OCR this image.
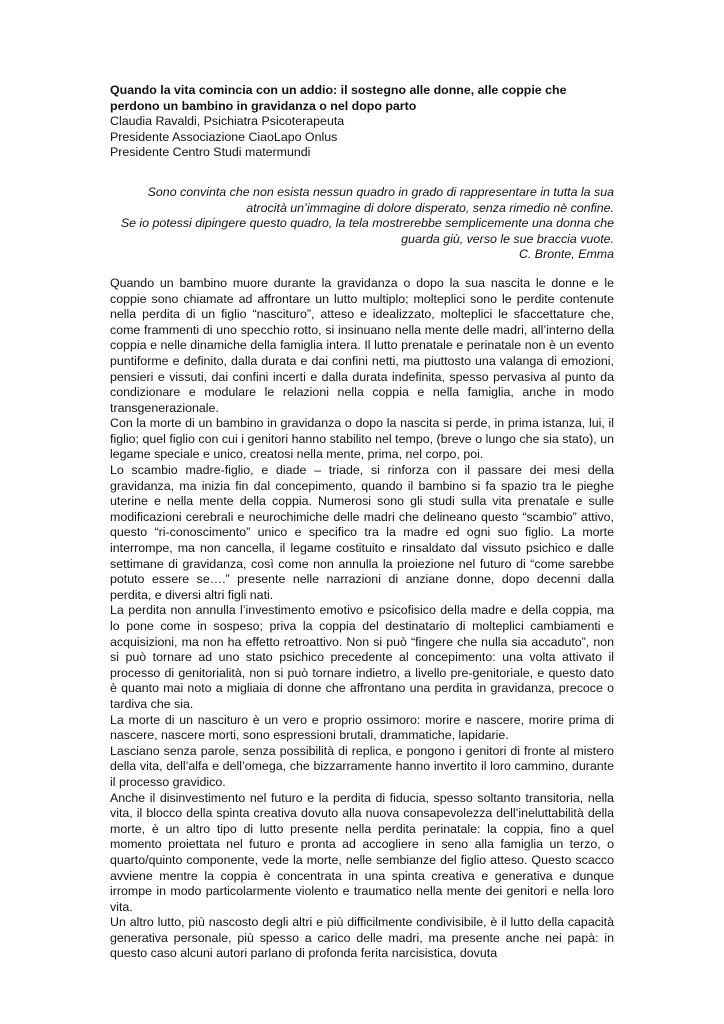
Quando la vita comincia con un addio: il sostegno alle donne, alle coppie che perdono un bambino in gravidanza o nel dopo parto

Claudia Ravaldi, Psichiatra Psicoterapeuta

Presidente Associazione CiaoLapo Onlus

Presidente Centro Studi matermundi

Sono convinta che non esista nessun quadro in grado di rappresentare in tutta la sua atrocità un’immagine di dolore disperato, senza rimedio nè confine.

Se io potessi dipingere questo quadro, la tela mostrerebbe semplicemente una donna che guarda giù, verso le sue braccia vuote.

C. Bronte, Emma

Quando un bambino muore durante la gravidanza o dopo la sua nascita le donne e le coppie sono chiamate ad affrontare un lutto multiplo; molteplici sono le perdite contenute nella perdita di un figlio “nascituro”, atteso e idealizzato, molteplici le sfaccettature che, come frammenti di uno specchio rotto, si insinuano nella mente delle madri, all’interno della coppia e nelle dinamiche della famiglia intera. Il lutto prenatale e perinatale non è un evento puntiforme e definito, dalla durata e dai confini netti, ma piuttosto una valanga di emozioni, pensieri e vissuti, dai confini incerti e dalla durata indefinita, spesso pervasiva al punto da condizionare e modulare le relazioni nella coppia e nella famiglia, anche in modo transgenerazionale.

Con la morte di un bambino in gravidanza o dopo la nascita si perde, in prima istanza, lui, il figlio; quel figlio con cui i genitori hanno stabilito nel tempo, (breve o lungo che sia stato), un legame speciale e unico, creatosi nella mente, prima, nel corpo, poi.

Lo scambio madre-figlio, e diade – triade, si rinforza con il passare dei mesi della gravidanza, ma inizia fin dal concepimento, quando il bambino si fa spazio tra le pieghe uterine e nella mente della coppia. Numerosi sono gli studi sulla vita prenatale e sulle modificazioni cerebrali e neurochimiche delle madri che delineano questo “scambio” attivo, questo “ri-conoscimento” unico e specifico tra la madre ed ogni suo figlio. La morte interrompe, ma non cancella, il legame costituito e rinsaldato dal vissuto psichico e dalle settimane di gravidanza, così come non annulla la proiezione nel futuro di “come sarebbe potuto essere se….” presente nelle narrazioni di anziane donne, dopo decenni dalla perdita, e diversi altri figli nati.

La perdita non annulla l’investimento emotivo e psicofisico della madre e della coppia, ma lo pone come in sospeso; priva la coppia del destinatario di molteplici cambiamenti e acquisizioni, ma non ha effetto retroattivo. Non si può “fingere che nulla sia accaduto”, non si può tornare ad uno stato psichico precedente al concepimento: una volta attivato il processo di genitorialità, non si può tornare indietro, a livello pre-genitoriale, e questo dato è quanto mai noto a migliaia di donne che affrontano una perdita in gravidanza, precoce o tardiva che sia.

La morte di un nascituro è un vero e proprio ossimoro: morire e nascere, morire prima di nascere, nascere morti, sono espressioni brutali, drammatiche, lapidarie.

Lasciano senza parole, senza possibilità di replica, e pongono i genitori di fronte al mistero della vita, dell’alfa e dell’omega, che bizzarramente hanno invertito il loro cammino, durante il processo gravidico.

Anche il disinvestimento nel futuro e la perdita di fiducia, spesso soltanto transitoria, nella vita, il blocco della spinta creativa dovuto alla nuova consapevolezza dell’ineluttabilità della morte, è un altro tipo di lutto presente nella perdita perinatale: la coppia, fino a quel momento proiettata nel futuro e pronta ad accogliere in seno alla famiglia un terzo, o quarto/quinto componente, vede la morte, nelle sembianze del figlio atteso. Questo scacco avviene mentre la coppia è concentrata in una spinta creativa e generativa e dunque irrompe in modo particolarmente violento e traumatico nella mente dei genitori e nella loro vita.

Un altro lutto, più nascosto degli altri e più difficilmente condivisibile, è il lutto della capacità generativa personale, più spesso a carico delle madri, ma presente anche nei papà: in questo caso alcuni autori parlano di profonda ferita narcisistica, dovuta
